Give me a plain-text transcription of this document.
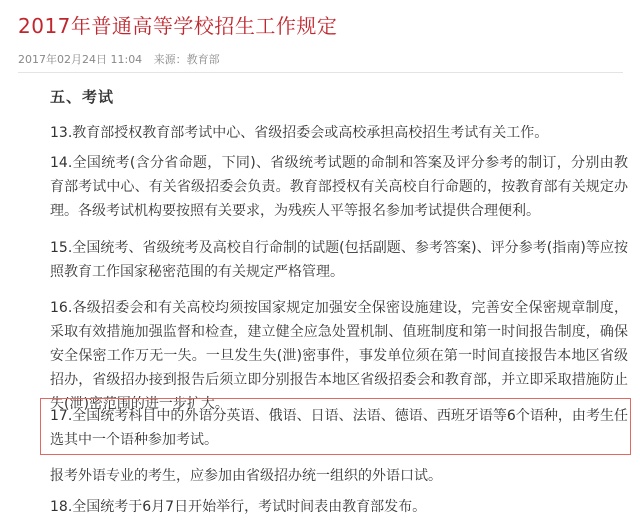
2017年普通高等学校招生工作规定
2017年02月24日 11:04 来源：教育部
五、考试

13.教育部授权教育部考试中心、省级招委会或高校承担高校招生考试有关工作。

14.全国统考(含分省命题，下同)、省级统考试题的命制和答案及评分参考的制订，分别由教育部考试中心、有关省级招委会负责。教育部授权有关高校自行命题的，按教育部有关规定办理。各级考试机构要按照有关要求，为残疾人平等报名参加考试提供合理便利。

15.全国统考、省级统考及高校自行命制的试题(包括副题、参考答案)、评分参考(指南)等应按照教育工作国家秘密范围的有关规定严格管理。

16.各级招委会和有关高校均须按国家规定加强安全保密设施建设，完善安全保密规章制度，采取有效措施加强监督和检查，建立健全应急处置机制、值班制度和第一时间报告制度，确保安全保密工作万无一失。一旦发生失(泄)密事件，事发单位须在第一时间直接报告本地区省级招办，省级招办接到报告后须立即分别报告本地区省级招委会和教育部，并立即采取措施防止失(泄)密范围的进一步扩大。

17.全国统考科目中的外语分英语、俄语、日语、法语、德语、西班牙语等6个语种，由考生任选其中一个语种参加考试。

报考外语专业的考生，应参加由省级招办统一组织的外语口试。

18.全国统考于6月7日开始举行，考试时间表由教育部发布。
